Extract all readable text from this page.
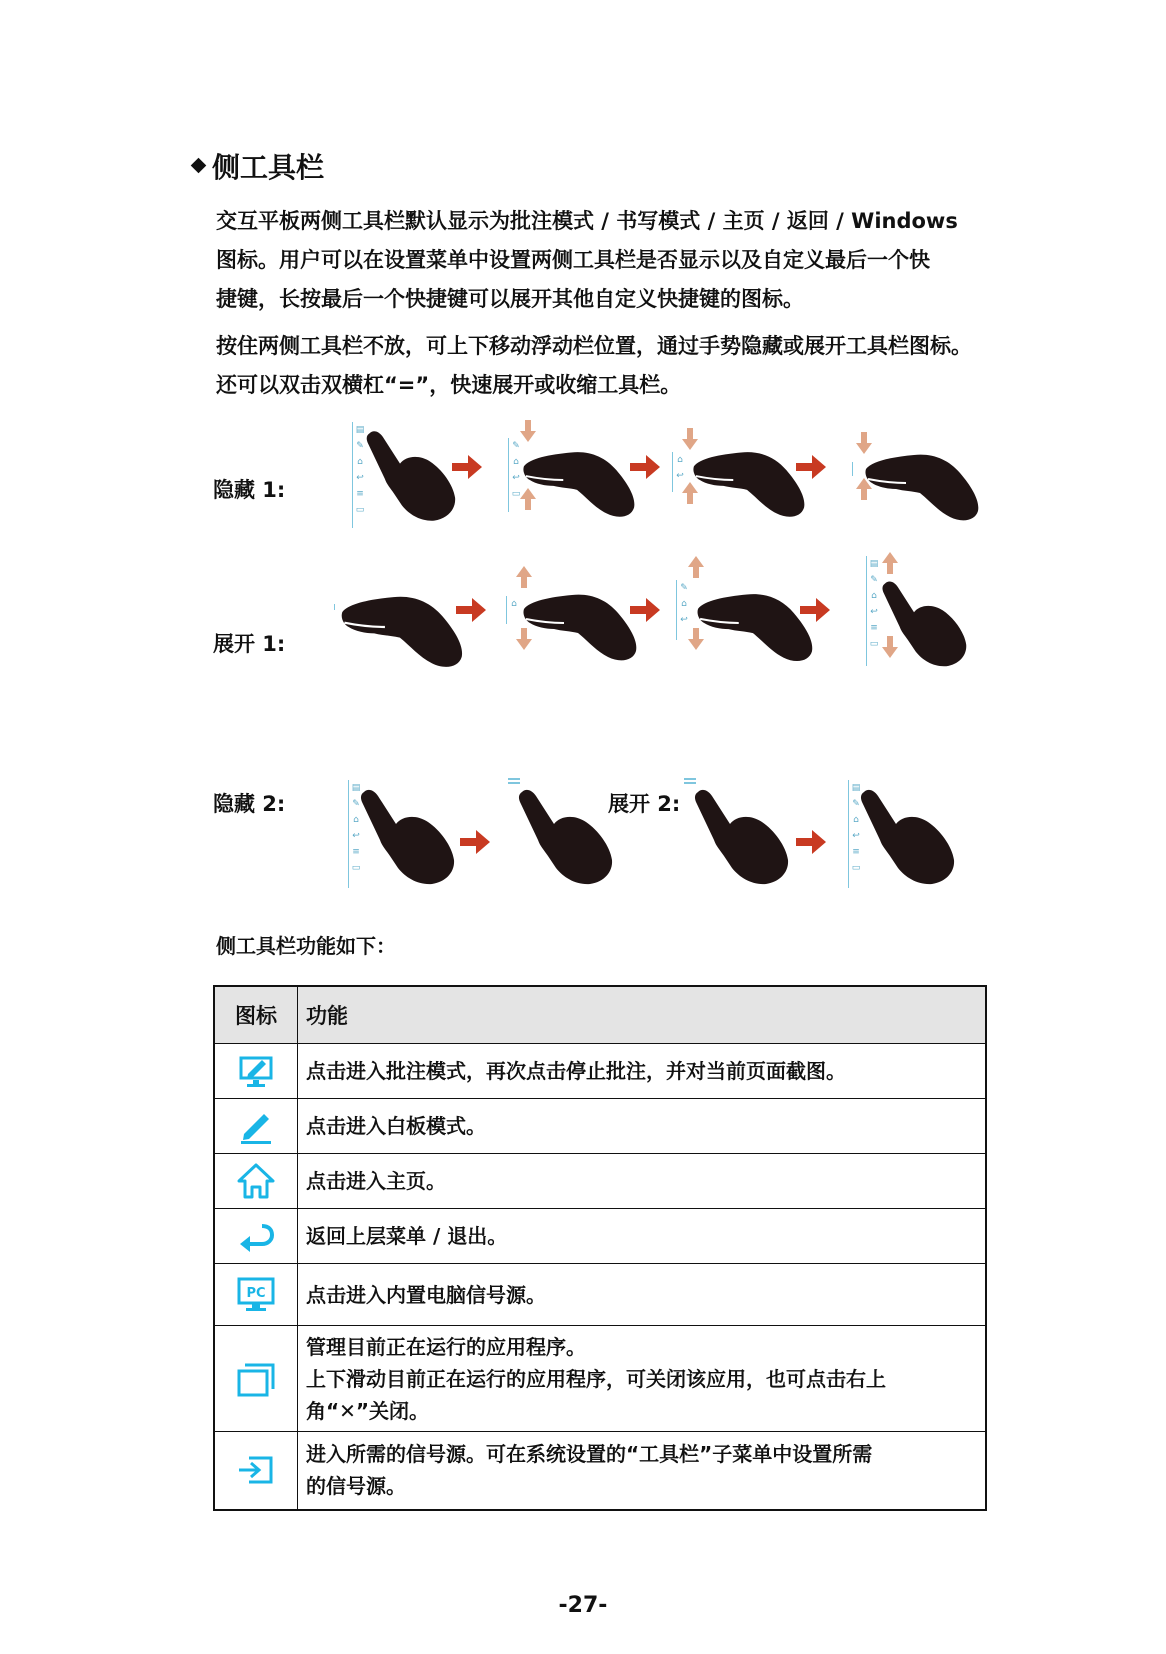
侧工具栏

交互平板两侧工具栏默认显示为批注模式 / 书写模式 / 主页 / 返回 / Windows

图标。用户可以在设置菜单中设置两侧工具栏是否显示以及自定义最后一个快

捷键，长按最后一个快捷键可以展开其他自定义快捷键的图标。

按住两侧工具栏不放，可上下移动浮动栏位置，通过手势隐藏或展开工具栏图标。

还可以双击双横杠“=”，快速展开或收缩工具栏。

隐藏 1:
▤
✎
⌂
↩
≡
▭
✎
⌂
↩
▭
⌂
↩
展开 1:
⌂
✎
⌂
↩
▤
✎
⌂
↩
≡
▭
隐藏 2:	展开 2:
▤
✎
⌂
↩
≡
▭
▤
✎
⌂
↩
≡
▭
侧工具栏功能如下：
图标	功能

点击进入批注模式，再次点击停止批注，并对当前页面截图。

点击进入白板模式。

点击进入主页。

返回上层菜单 / 退出。

PC	点击进入内置电脑信号源。

管理目前正在运行的应用程序。
上下滑动目前正在运行的应用程序，可关闭该应用，也可点击右上
角“✕”关闭。

进入所需的信号源。可在系统设置的“工具栏”子菜单中设置所需
的信号源。
-27-
